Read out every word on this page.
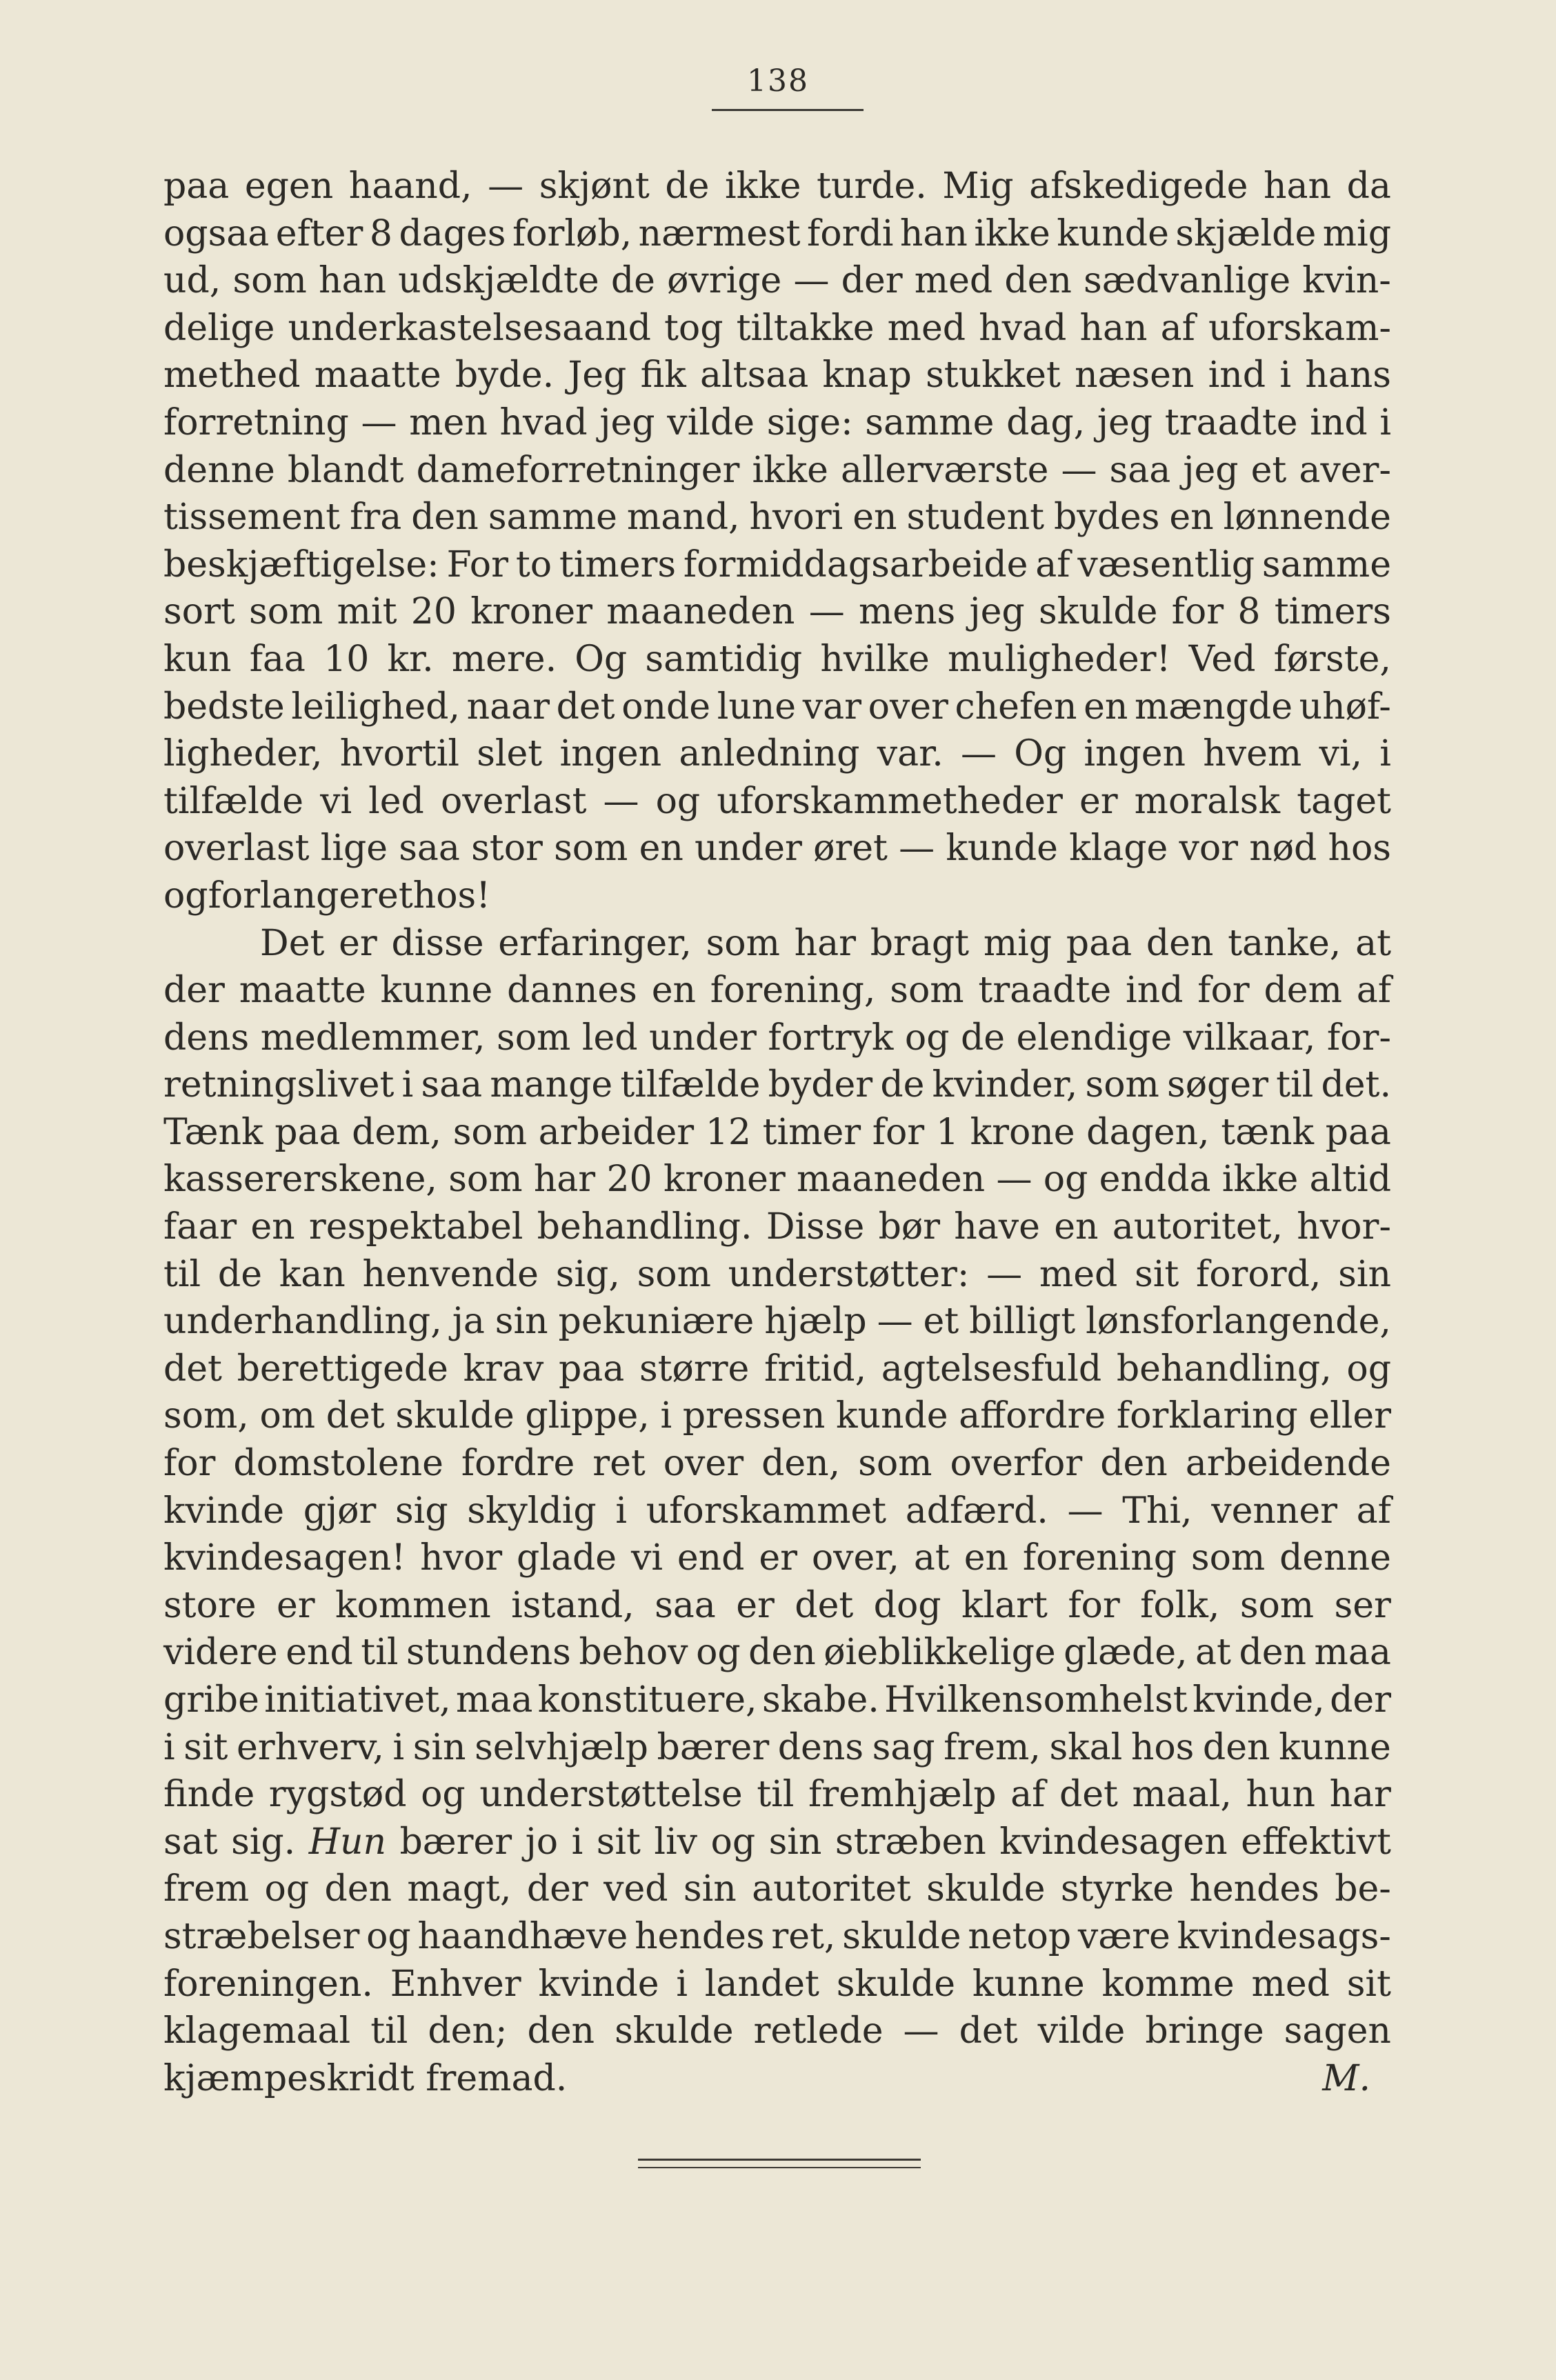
138
paa egen haand, — skjønt de ikke turde. Mig afskedigede han da
ogsaa efter 8 dages forløb, nærmest fordi han ikke kunde skjælde mig
ud, som han udskjældte de øvrige — der med den sædvanlige kvin-
delige underkastelsesaand tog tiltakke med hvad han af uforskam-
methed maatte byde. Jeg fik altsaa knap stukket næsen ind i hans
forretning — men hvad jeg vilde sige: samme dag, jeg traadte ind i
denne blandt dameforretninger ikke allerværste — saa jeg et aver-
tissement fra den samme mand, hvori en student bydes en lønnende
beskjæftigelse: For to timers formiddagsarbeide af væsentlig samme
sort som mit 20 kroner maaneden — mens jeg skulde for 8 timers
kun faa 10 kr. mere. Og samtidig hvilke muligheder! Ved første,
bedste leilighed, naar det onde lune var over chefen en mængde uhøf-
ligheder, hvortil slet ingen anledning var. — Og ingen hvem vi, i
tilfælde vi led overlast — og uforskammetheder er moralsk taget
overlast lige saa stor som en under øret — kunde klage vor nød hos
og forlange ret hos!
Det er disse erfaringer, som har bragt mig paa den tanke, at
der maatte kunne dannes en forening, som traadte ind for dem af
dens medlemmer, som led under fortryk og de elendige vilkaar, for-
retningslivet i saa mange tilfælde byder de kvinder, som søger til det.
Tænk paa dem, som arbeider 12 timer for 1 krone dagen, tænk paa
kassererskene, som har 20 kroner maaneden — og endda ikke altid
faar en respektabel behandling. Disse bør have en autoritet, hvor-
til de kan henvende sig, som understøtter: — med sit forord, sin
underhandling, ja sin pekuniære hjælp — et billigt lønsforlangende,
det berettigede krav paa større fritid, agtelsesfuld behandling, og
som, om det skulde glippe, i pressen kunde affordre forklaring eller
for domstolene fordre ret over den, som overfor den arbeidende
kvinde gjør sig skyldig i uforskammet adfærd. — Thi, venner af
kvindesagen! hvor glade vi end er over, at en forening som denne
store er kommen istand, saa er det dog klart for folk, som ser
videre end til stundens behov og den øieblikkelige glæde, at den maa
gribe initiativet, maa konstituere, skabe. Hvilkensomhelst kvinde, der
i sit erhverv, i sin selvhjælp bærer dens sag frem, skal hos den kunne
finde rygstød og understøttelse til fremhjælp af det maal, hun har
sat sig. Hun bærer jo i sit liv og sin stræben kvindesagen effektivt
frem og den magt, der ved sin autoritet skulde styrke hendes be-
stræbelser og haandhæve hendes ret, skulde netop være kvindesags-
foreningen. Enhver kvinde i landet skulde kunne komme med sit
klagemaal til den; den skulde retlede — det vilde bringe sagen
kjæmpeskridt fremad.	M.
